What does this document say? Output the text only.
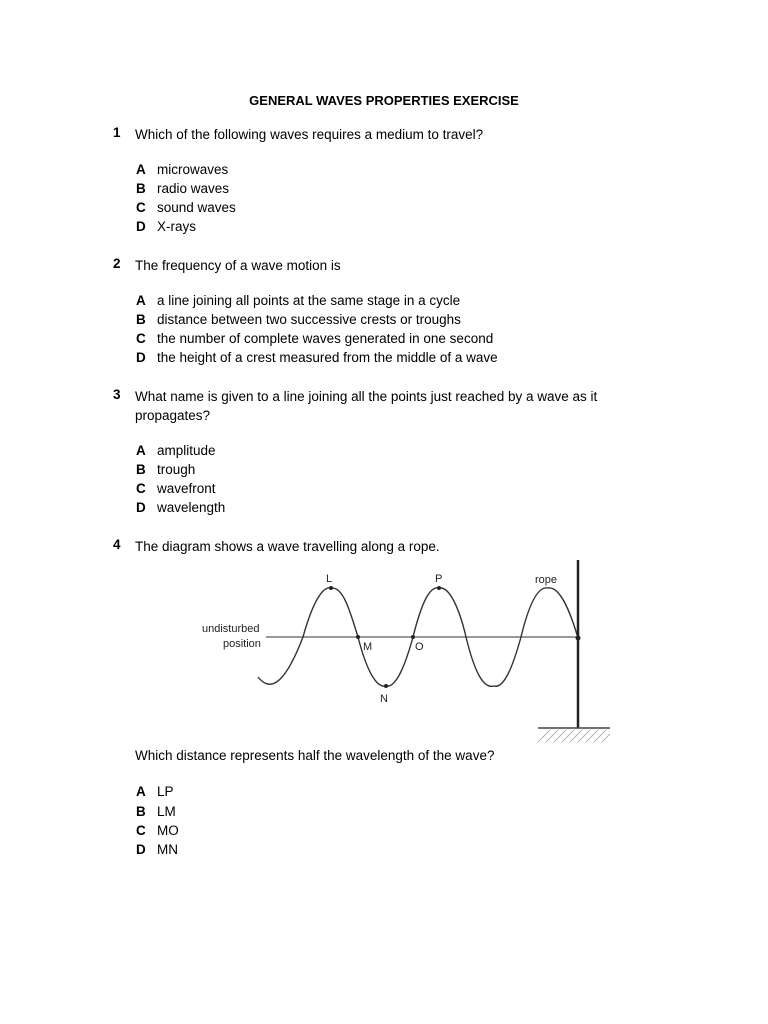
GENERAL WAVES PROPERTIES EXERCISE
1 Which of the following waves requires a medium to travel?
A microwaves
B radio waves
C sound waves
D X-rays
2 The frequency of a wave motion is
A a line joining all points at the same stage in a cycle
B distance between two successive crests or troughs
C the number of complete waves generated in one second
D the height of a crest measured from the middle of a wave
3 What name is given to a line joining all the points just reached by a wave as it propagates?
A amplitude
B trough
C wavefront
D wavelength
4 The diagram shows a wave travelling along a rope.
undisturbed
position
rope
L	P
M	O
N
Which distance represents half the wavelength of the wave?
A LP
B LM
C MO
D MN
